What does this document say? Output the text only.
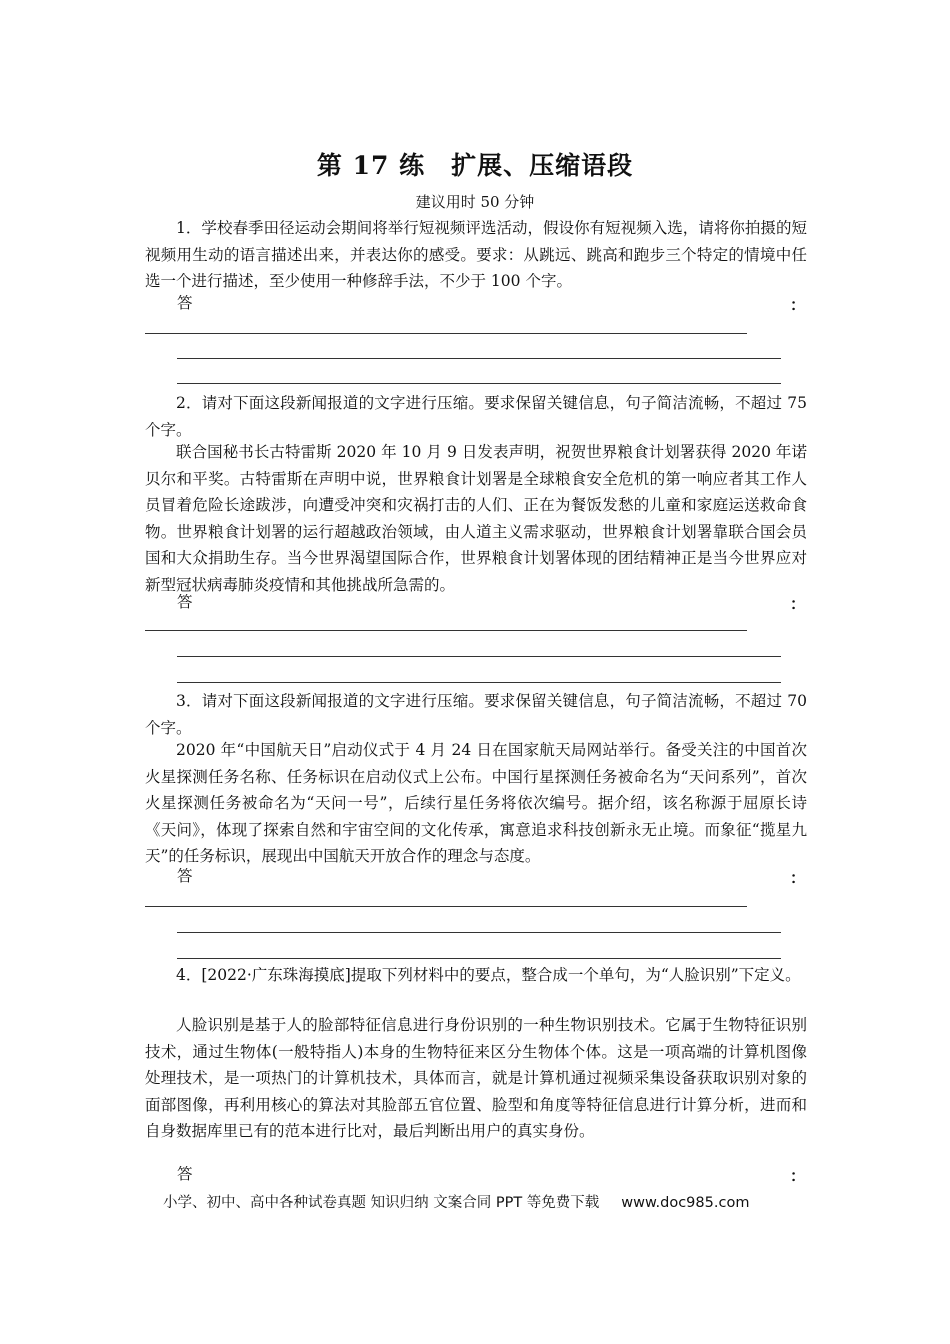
第 17 练　扩展、压缩语段
建议用时 50 分钟

1．学校春季田径运动会期间将举行短视频评选活动，假设你有短视频入选，请将你拍摄的短视频用生动的语言描述出来，并表达你的感受。要求：从跳远、跳高和跑步三个特定的情境中任选一个进行描述，至少使用一种修辞手法，不少于 100 个字。

答	：

2．请对下面这段新闻报道的文字进行压缩。要求保留关键信息，句子简洁流畅，不超过 75 个字。

联合国秘书长古特雷斯 2020 年 10 月 9 日发表声明，祝贺世界粮食计划署获得 2020 年诺贝尔和平奖。古特雷斯在声明中说，世界粮食计划署是全球粮食安全危机的第一响应者其工作人员冒着危险长途跋涉，向遭受冲突和灾祸打击的人们、正在为餐饭发愁的儿童和家庭运送救命食物。世界粮食计划署的运行超越政治领域，由人道主义需求驱动，世界粮食计划署靠联合国会员国和大众捐助生存。当今世界渴望国际合作，世界粮食计划署体现的团结精神正是当今世界应对新型冠状病毒肺炎疫情和其他挑战所急需的。

答	：

3．请对下面这段新闻报道的文字进行压缩。要求保留关键信息，句子简洁流畅，不超过 70 个字。

2020 年“中国航天日”启动仪式于 4 月 24 日在国家航天局网站举行。备受关注的中国首次火星探测任务名称、任务标识在启动仪式上公布。中国行星探测任务被命名为“天问系列”，首次火星探测任务被命名为“天问一号”，后续行星任务将依次编号。据介绍，该名称源于屈原长诗《天问》，体现了探索自然和宇宙空间的文化传承，寓意追求科技创新永无止境。而象征“揽星九天”的任务标识，展现出中国航天开放合作的理念与态度。

答	：

4．[2022·广东珠海摸底]提取下列材料中的要点，整合成一个单句，为“人脸识别”下定义。

人脸识别是基于人的脸部特征信息进行身份识别的一种生物识别技术。它属于生物特征识别技术，通过生物体(一般特指人)本身的生物特征来区分生物体个体。这是一项高端的计算机图像处理技术，是一项热门的计算机技术，具体而言，就是计算机通过视频采集设备获取识别对象的面部图像，再利用核心的算法对其脸部五官位置、脸型和角度等特征信息进行计算分析，进而和自身数据库里已有的范本进行比对，最后判断出用户的真实身份。

答	：
小学、初中、高中各种试卷真题 知识归纳 文案合同 PPT 等免费下载 www.doc985.com
